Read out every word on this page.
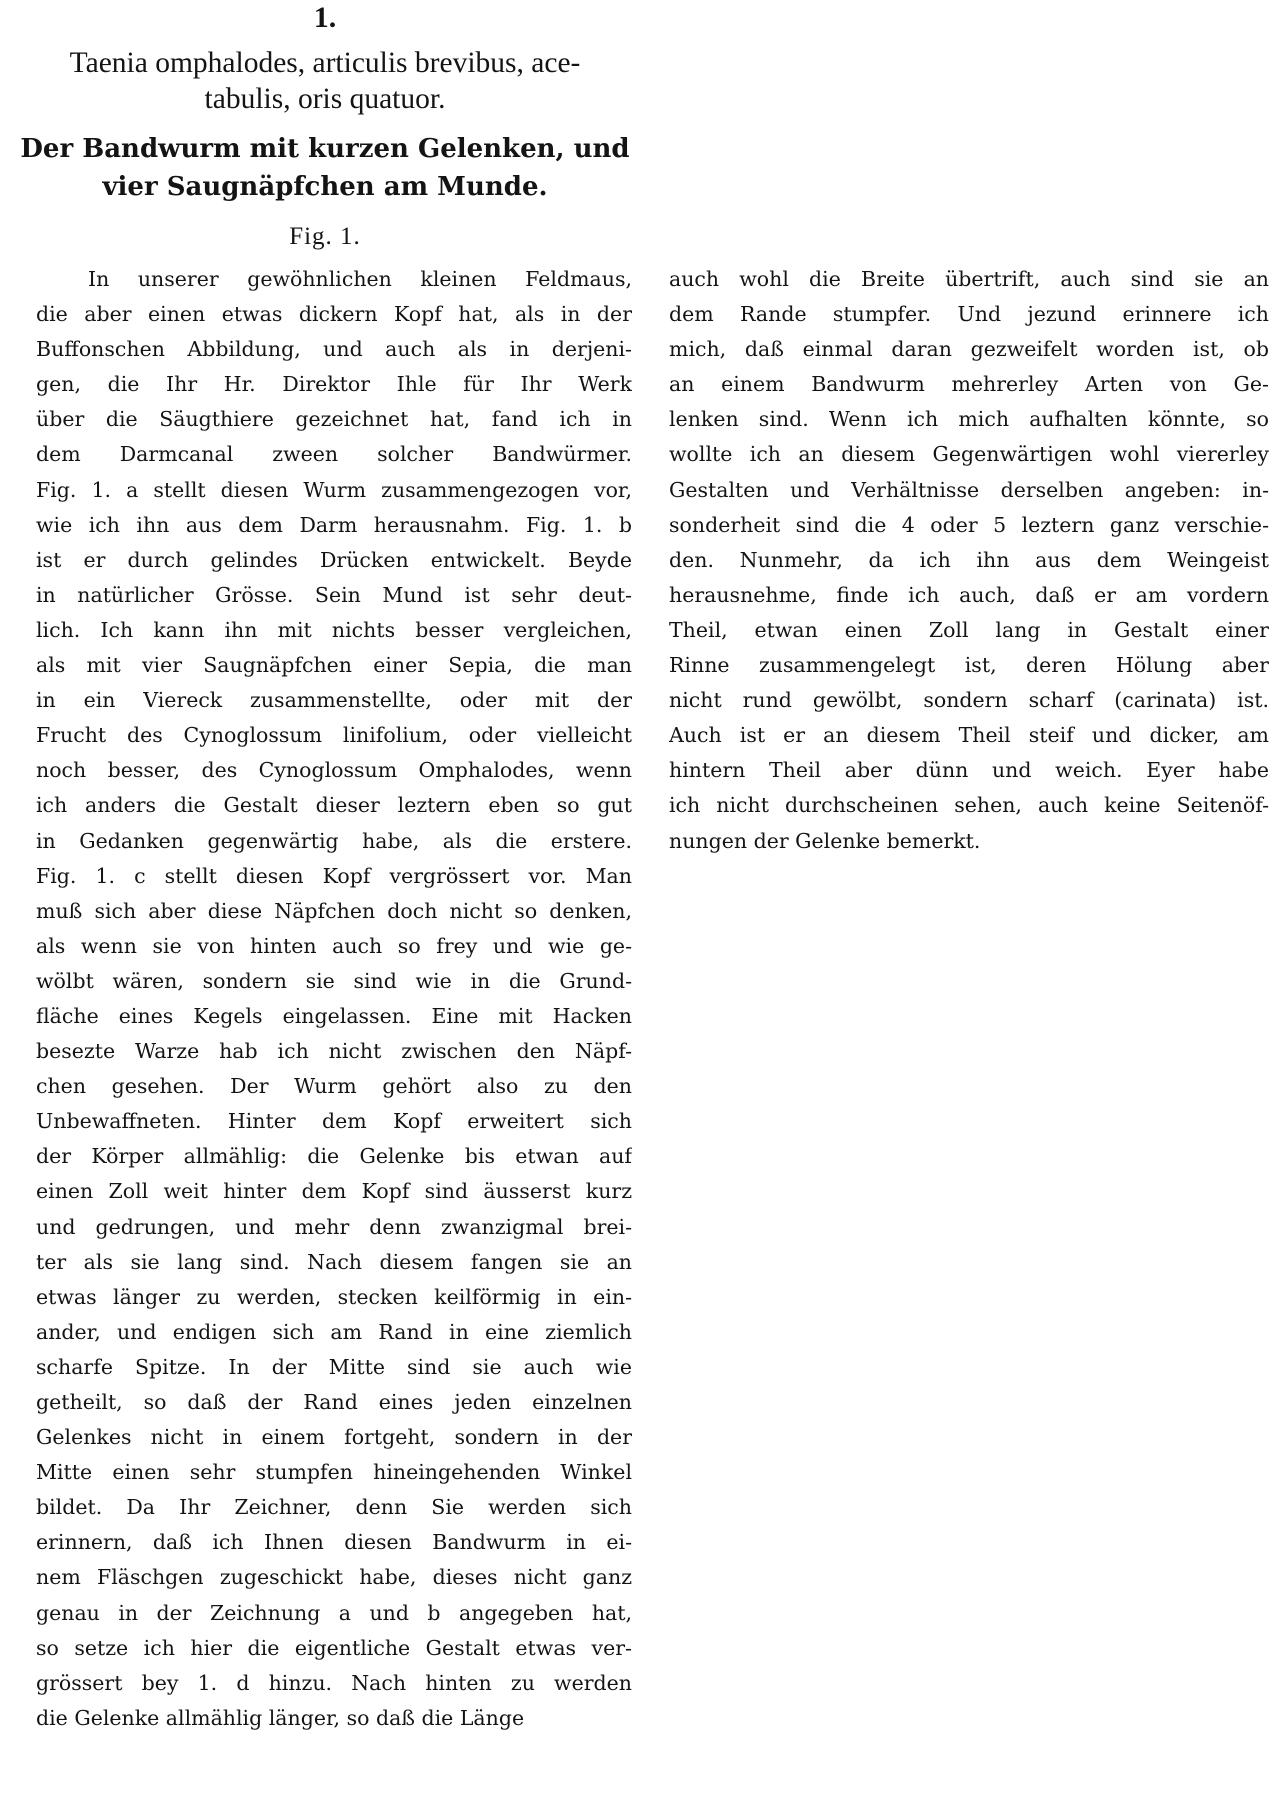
1.
Taenia omphalodes, articulis brevibus, ace-
tabulis, oris quatuor.
Der Bandwurm mit kurzen Gelenken, und
vier Saugnäpfchen am Munde.
Fig. 1.
In unserer gewöhnlichen kleinen Feldmaus,
die aber einen etwas dickern Kopf hat, als in der
Buffonschen Abbildung, und auch als in derjeni-
gen, die Ihr Hr. Direktor Ihle für Ihr Werk
über die Säugthiere gezeichnet hat, fand ich in
dem Darmcanal zween solcher Bandwürmer.
Fig. 1. a stellt diesen Wurm zusammengezogen vor,
wie ich ihn aus dem Darm herausnahm. Fig. 1. b
ist er durch gelindes Drücken entwickelt. Beyde
in natürlicher Grösse. Sein Mund ist sehr deut-
lich. Ich kann ihn mit nichts besser vergleichen,
als mit vier Saugnäpfchen einer Sepia, die man
in ein Viereck zusammenstellte, oder mit der
Frucht des Cynoglossum linifolium, oder vielleicht
noch besser, des Cynoglossum Omphalodes, wenn
ich anders die Gestalt dieser leztern eben so gut
in Gedanken gegenwärtig habe, als die erstere.
Fig. 1. c stellt diesen Kopf vergrössert vor. Man
muß sich aber diese Näpfchen doch nicht so denken,
als wenn sie von hinten auch so frey und wie ge-
wölbt wären, sondern sie sind wie in die Grund-
fläche eines Kegels eingelassen. Eine mit Hacken
besezte Warze hab ich nicht zwischen den Näpf-
chen gesehen. Der Wurm gehört also zu den
Unbewaffneten. Hinter dem Kopf erweitert sich
der Körper allmählig: die Gelenke bis etwan auf
einen Zoll weit hinter dem Kopf sind äusserst kurz
und gedrungen, und mehr denn zwanzigmal brei-
ter als sie lang sind. Nach diesem fangen sie an
etwas länger zu werden, stecken keilförmig in ein-
ander, und endigen sich am Rand in eine ziemlich
scharfe Spitze. In der Mitte sind sie auch wie
getheilt, so daß der Rand eines jeden einzelnen
Gelenkes nicht in einem fortgeht, sondern in der
Mitte einen sehr stumpfen hineingehenden Winkel
bildet. Da Ihr Zeichner, denn Sie werden sich
erinnern, daß ich Ihnen diesen Bandwurm in ei-
nem Fläschgen zugeschickt habe, dieses nicht ganz
genau in der Zeichnung a und b angegeben hat,
so setze ich hier die eigentliche Gestalt etwas ver-
grössert bey 1. d hinzu. Nach hinten zu werden
die Gelenke allmählig länger, so daß die Länge
auch wohl die Breite übertrift, auch sind sie an
dem Rande stumpfer. Und jezund erinnere ich
mich, daß einmal daran gezweifelt worden ist, ob
an einem Bandwurm mehrerley Arten von Ge-
lenken sind. Wenn ich mich aufhalten könnte, so
wollte ich an diesem Gegenwärtigen wohl viererley
Gestalten und Verhältnisse derselben angeben: in-
sonderheit sind die 4 oder 5 leztern ganz verschie-
den. Nunmehr, da ich ihn aus dem Weingeist
herausnehme, finde ich auch, daß er am vordern
Theil, etwan einen Zoll lang in Gestalt einer
Rinne zusammengelegt ist, deren Hölung aber
nicht rund gewölbt, sondern scharf (carinata) ist.
Auch ist er an diesem Theil steif und dicker, am
hintern Theil aber dünn und weich. Eyer habe
ich nicht durchscheinen sehen, auch keine Seitenöf-
nungen der Gelenke bemerkt.
